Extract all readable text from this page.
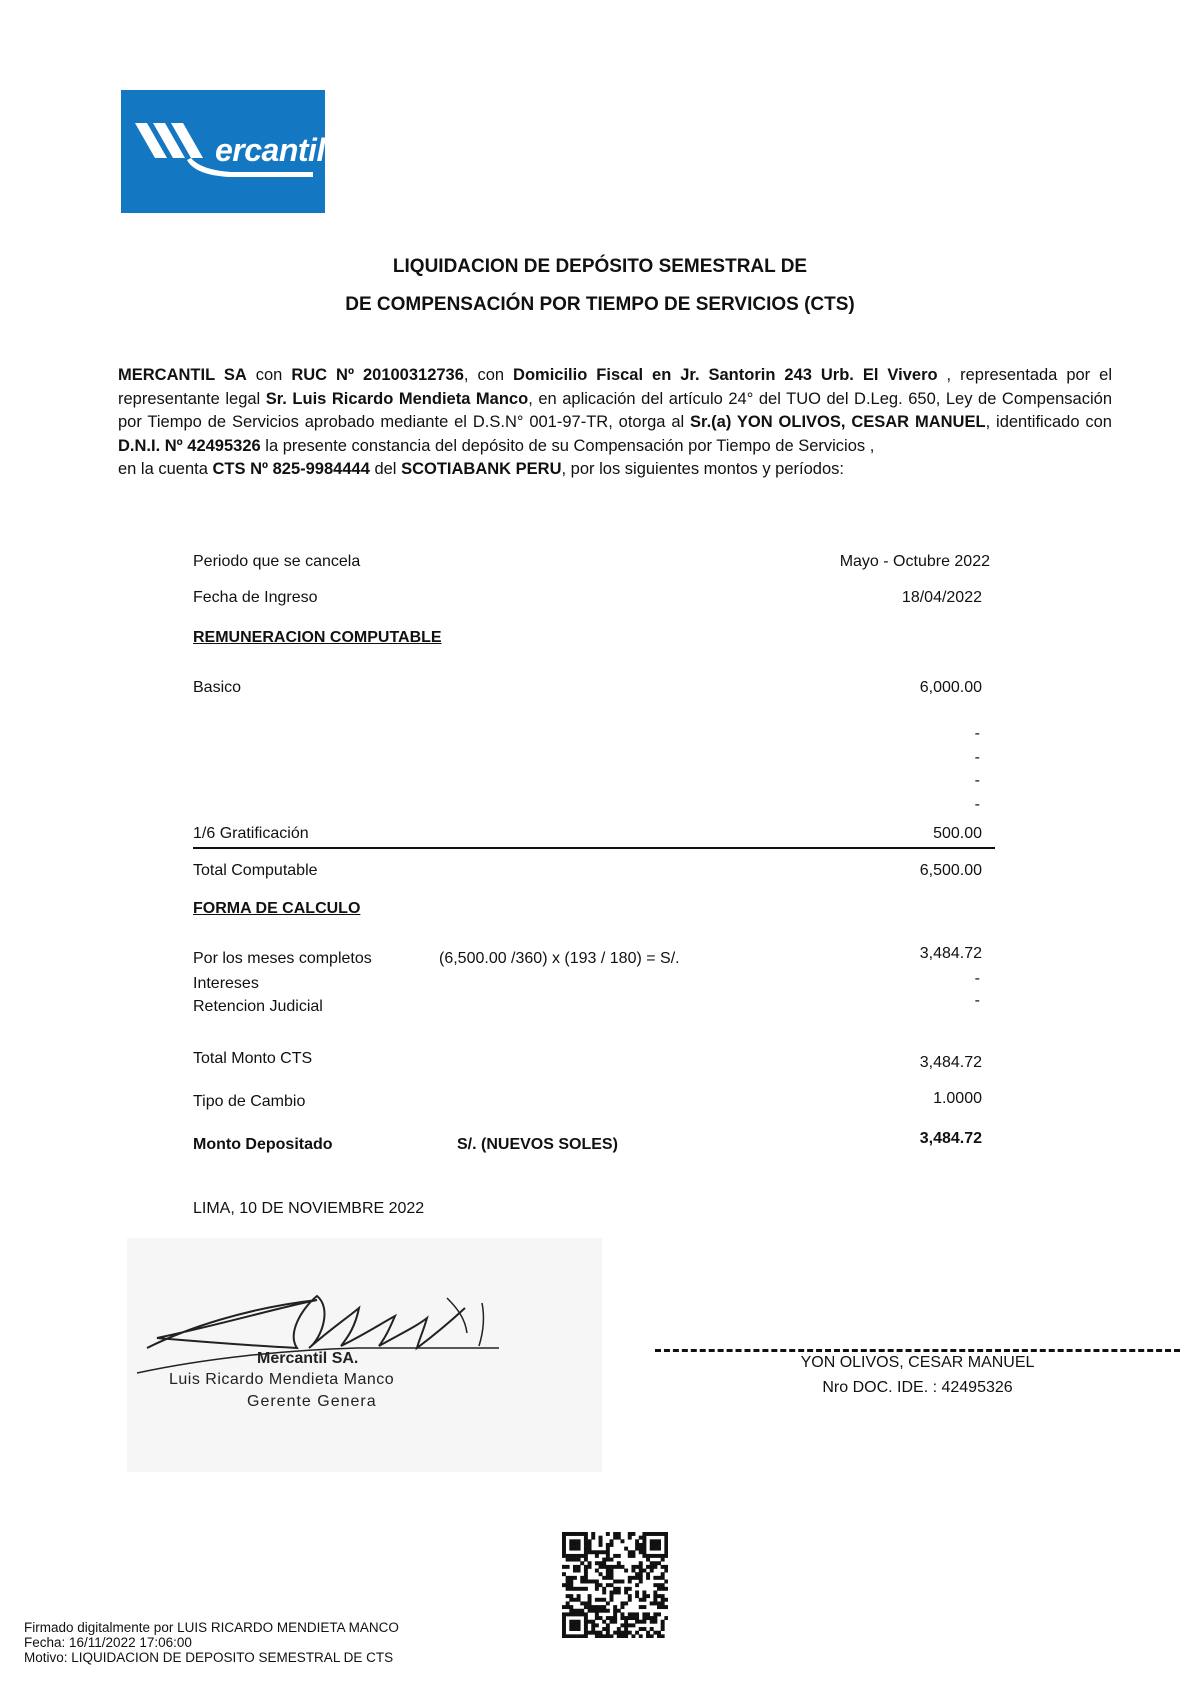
ercantil
LIQUIDACION DE DEPÓSITO SEMESTRAL DE
DE COMPENSACIÓN POR TIEMPO DE SERVICIOS (CTS)
MERCANTIL SA con RUC Nº 20100312736, con Domicilio Fiscal en Jr. Santorin 243 Urb. El Vivero , representada por el representante legal Sr. Luis Ricardo Mendieta Manco, en aplicación del artículo 24° del TUO del D.Leg. 650, Ley de Compensación por Tiempo de Servicios aprobado mediante el D.S.N° 001-97-TR, otorga al Sr.(a) YON OLIVOS, CESAR MANUEL, identificado con D.N.I. Nº 42495326 la presente constancia del depósito de su Compensación por Tiempo de Servicios ,
en la cuenta CTS Nº 825-9984444 del SCOTIABANK PERU, por los siguientes montos y períodos:
Periodo que se cancela	Mayo - Octubre 2022
Fecha de Ingreso	18/04/2022
REMUNERACION COMPUTABLE
Basico	6,000.00
-
-
-
-
1/6 Gratificación	500.00
Total Computable	6,500.00
FORMA DE CALCULO
Por los meses completos	(6,500.00 /360) x (193 / 180) = S/.	3,484.72
Intereses	-
Retencion Judicial	-
Total Monto CTS	3,484.72
Tipo de Cambio	1.0000
Monto Depositado	S/. (NUEVOS SOLES)	3,484.72
LIMA, 10 DE NOVIEMBRE 2022
Mercantil SA.
Luis Ricardo Mendieta Manco
Gerente Genera
YON OLIVOS, CESAR MANUEL
Nro DOC. IDE. : 42495326
Firmado digitalmente por LUIS RICARDO MENDIETA MANCO
Fecha: 16/11/2022 17:06:00
Motivo: LIQUIDACION DE DEPOSITO SEMESTRAL DE CTS
